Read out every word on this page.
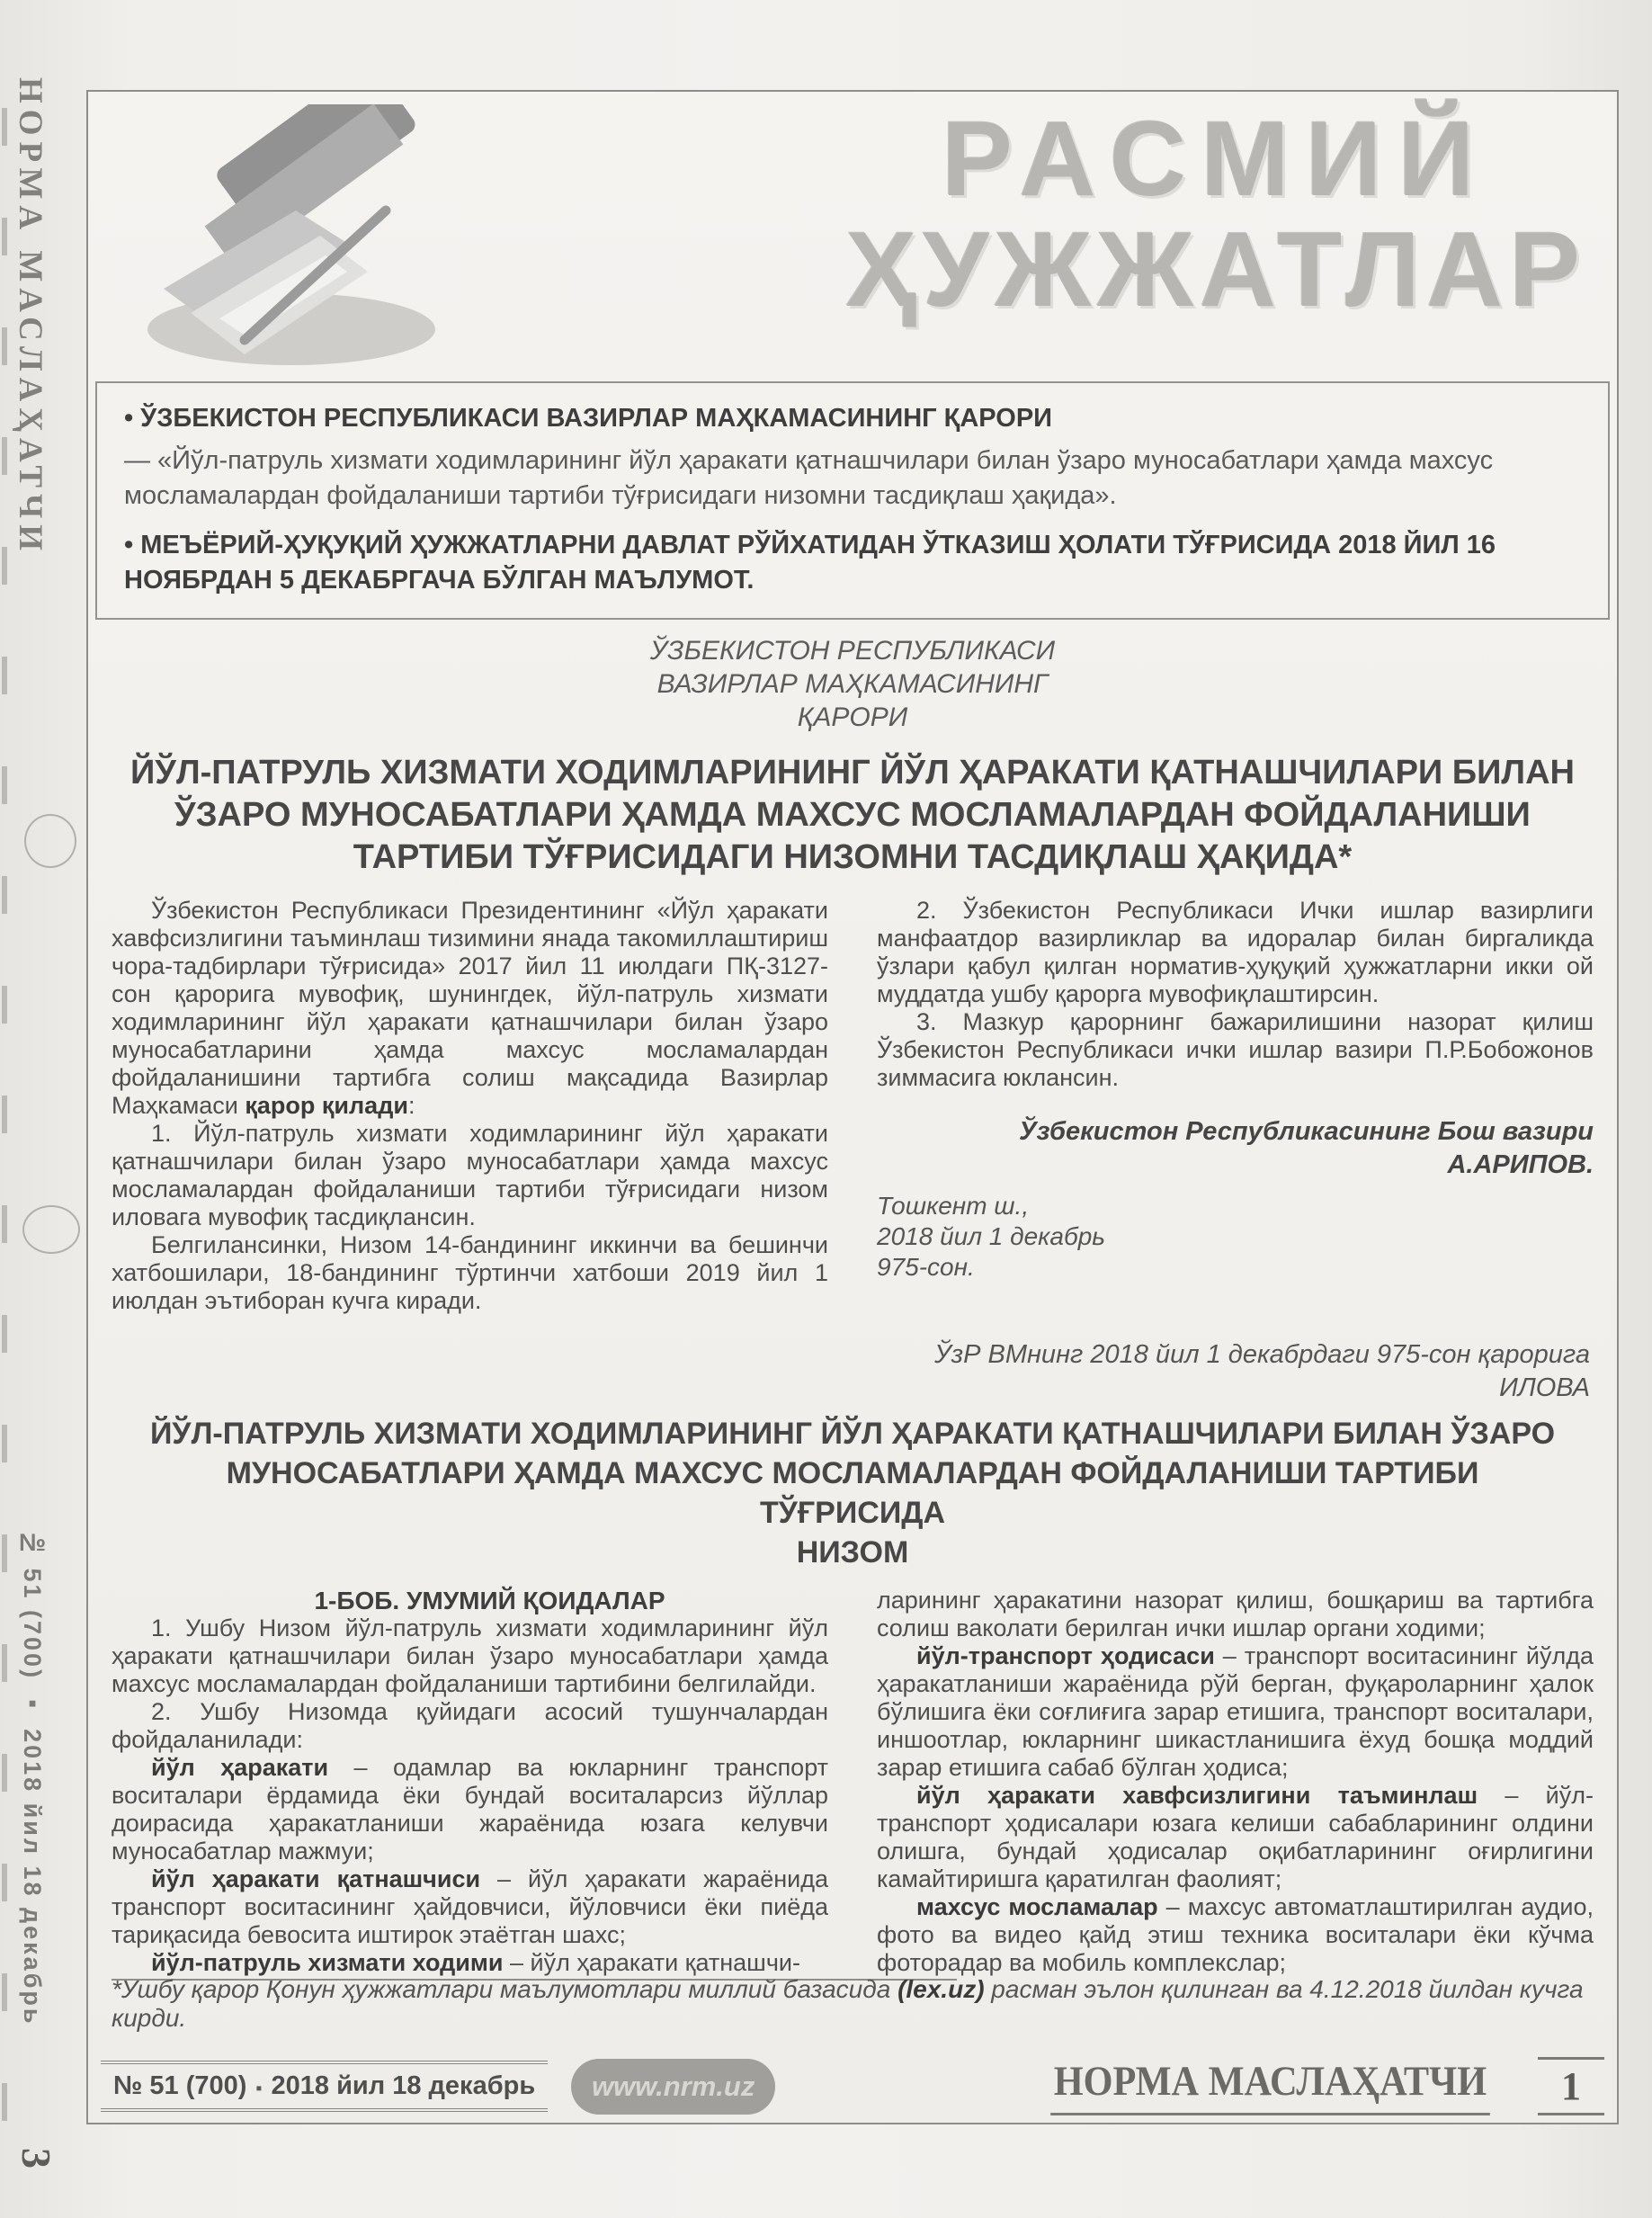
НОРМА МАСЛАҲАТЧИ
№ 51 (700) ▪ 2018 йил 18 декабрь
3
РАСМИЙ
ҲУЖЖАТЛАР
• ЎЗБЕКИСТОН РЕСПУБЛИКАСИ ВАЗИРЛАР МАҲКАМАСИНИНГ ҚАРОРИ
— «Йўл-патруль хизмати ходимларининг йўл ҳаракати қатнашчилари билан ўзаро муносабатлари ҳамда махсус мосламалардан фойдаланиши тартиби тўғрисидаги низомни тасдиқлаш ҳақида».
• МЕЪЁРИЙ-ҲУҚУҚИЙ ҲУЖЖАТЛАРНИ ДАВЛАТ РЎЙХАТИДАН ЎТКАЗИШ ҲОЛАТИ ТЎҒРИСИДА 2018 ЙИЛ 16 НОЯБРДАН 5 ДЕКАБРГАЧА БЎЛГАН МАЪЛУМОТ.
ЎЗБЕКИСТОН РЕСПУБЛИКАСИ
ВАЗИРЛАР МАҲКАМАСИНИНГ
ҚАРОРИ
ЙЎЛ-ПАТРУЛЬ ХИЗМАТИ ХОДИМЛАРИНИНГ ЙЎЛ ҲАРАКАТИ ҚАТНАШЧИЛАРИ БИЛАН ЎЗАРО МУНОСАБАТЛАРИ ҲАМДА МАХСУС МОСЛАМАЛАРДАН ФОЙДАЛАНИШИ ТАРТИБИ ТЎҒРИСИДАГИ НИЗОМНИ ТАСДИҚЛАШ ҲАҚИДА*

Ўзбекистон Республикаси Президентининг «Йўл ҳаракати хавфсизлигини таъминлаш тизимини янада такомиллаштириш чора-тадбирлари тўғрисида» 2017 йил 11 июлдаги ПҚ-3127-сон қарорига мувофиқ, шунингдек, йўл-патруль хизмати ходимларининг йўл ҳаракати қатнашчилари билан ўзаро муносабатларини ҳамда махсус мосламалардан фойдаланишини тартибга солиш мақсадида Вазирлар Маҳкамаси қарор қилади:

1. Йўл-патруль хизмати ходимларининг йўл ҳаракати қатнашчилари билан ўзаро муносабатлари ҳамда махсус мосламалардан фойдаланиши тартиби тўғрисидаги низом иловага мувофиқ тасдиқлансин.

Белгилансинки, Низом 14-бандининг иккинчи ва бешинчи хатбошилари, 18-бандининг тўртинчи хатбоши 2019 йил 1 июлдан эътиборан кучга киради.

2. Ўзбекистон Республикаси Ички ишлар вазирлиги манфаатдор вазирликлар ва идоралар билан биргаликда ўзлари қабул қилган норматив-ҳуқуқий ҳужжатларни икки ой муддатда ушбу қарорга мувофиқлаштирсин.

3. Мазкур қарорнинг бажарилишини назорат қилиш Ўзбекистон Республикаси ички ишлар вазири П.Р.Бобожонов зиммасига юклансин.

Ўзбекистон Республикасининг Бош вазири
А.АРИПОВ.
Тошкент ш.,
2018 йил 1 декабрь
975-сон.
ЎзР ВМнинг 2018 йил 1 декабрдаги 975-сон қарорига
ИЛОВА
ЙЎЛ-ПАТРУЛЬ ХИЗМАТИ ХОДИМЛАРИНИНГ ЙЎЛ ҲАРАКАТИ ҚАТНАШЧИЛАРИ БИЛАН ЎЗАРО МУНОСАБАТЛАРИ ҲАМДА МАХСУС МОСЛАМАЛАРДАН ФОЙДАЛАНИШИ ТАРТИБИ
ТЎҒРИСИДА
НИЗОМ

1-БОБ. УМУМИЙ ҚОИДАЛАР

1. Ушбу Низом йўл-патруль хизмати ходимларининг йўл ҳаракати қатнашчилари билан ўзаро муносабатлари ҳамда махсус мосламалардан фойдаланиши тартибини белгилайди.

2. Ушбу Низомда қуйидаги асосий тушунчалардан фойдаланилади:

йўл ҳаракати – одамлар ва юкларнинг транспорт воситалари ёрдамида ёки бундай воситаларсиз йўллар доирасида ҳаракатланиши жараёнида юзага келувчи муносабатлар мажмуи;

йўл ҳаракати қатнашчиси – йўл ҳаракати жараёнида транспорт воситасининг ҳайдовчиси, йўловчиси ёки пиёда тариқасида бевосита иштирок этаётган шахс;

йўл-патруль хизмати ходими – йўл ҳаракати қатнашчи-

ларининг ҳаракатини назорат қилиш, бошқариш ва тартибга солиш ваколати берилган ички ишлар органи ходими;

йўл-транспорт ҳодисаси – транспорт воситасининг йўлда ҳаракатланиши жараёнида рўй берган, фуқароларнинг ҳалок бўлишига ёки соғлиғига зарар етишига, транспорт воситалари, иншоотлар, юкларнинг шикастланишига ёхуд бошқа моддий зарар етишига сабаб бўлган ҳодиса;

йўл ҳаракати хавфсизлигини таъминлаш – йўл-транспорт ҳодисалари юзага келиши сабабларининг олдини олишга, бундай ҳодисалар оқибатларининг оғирлигини камайтиришга қаратилган фаолият;

махсус мосламалар – махсус автоматлаштирилган аудио, фото ва видео қайд этиш техника воситалари ёки кўчма фоторадар ва мобиль комплекслар;

*Ушбу қарор Қонун ҳужжатлари маълумотлари миллий базасида (lex.uz) расман эълон қилинган ва 4.12.2018 йилдан кучга кирди.
№ 51 (700) ▪ 2018 йил 18 декабрь	www.nrm.uz	НОРМА МАСЛАҲАТЧИ	1
